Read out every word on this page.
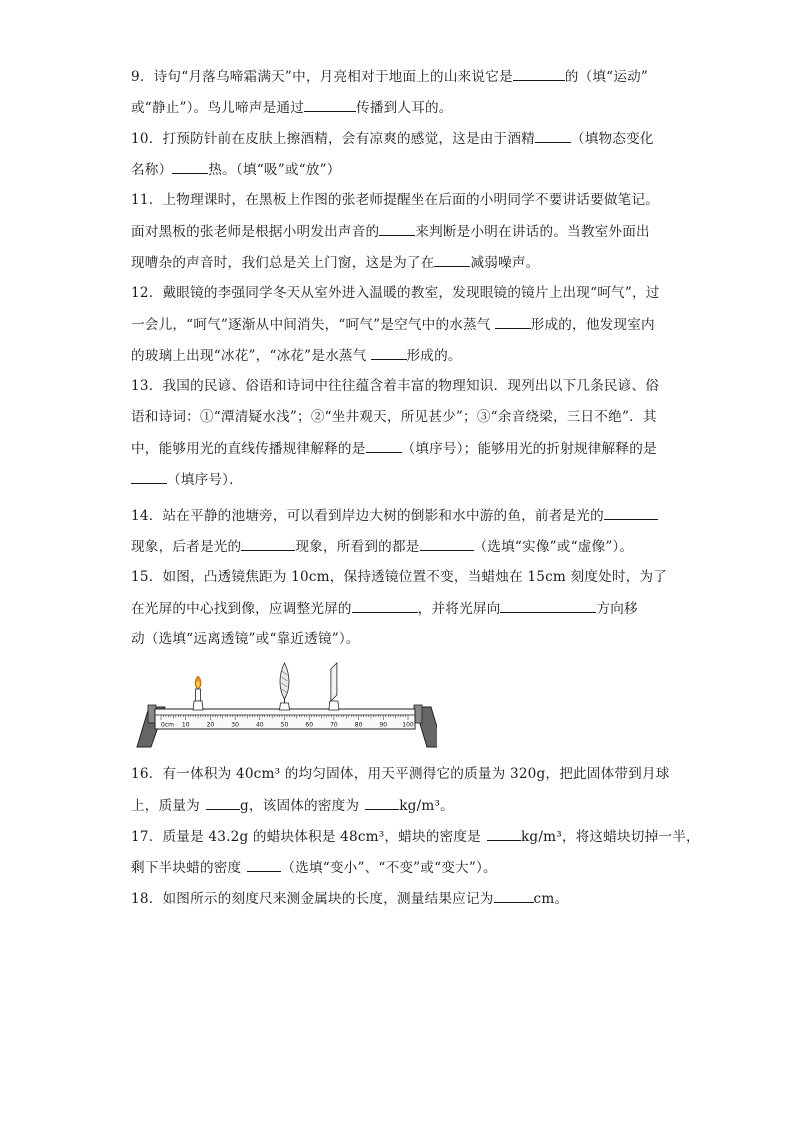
9．诗句“月落乌啼霜满天”中，月亮相对于地面上的山来说它是	的（填“运动”
或“静止”）。鸟儿啼声是通过	传播到人耳的。
10．打预防针前在皮肤上擦酒精，会有凉爽的感觉，这是由于酒精	（填物态变化
名称）	热。（填“吸”或“放”）
11．上物理课时，在黑板上作图的张老师提醒坐在后面的小明同学不要讲话要做笔记。
面对黑板的张老师是根据小明发出声音的	来判断是小明在讲话的。当教室外面出
现嘈杂的声音时，我们总是关上门窗，这是为了在	减弱噪声。
12．戴眼镜的李强同学冬天从室外进入温暖的教室，发现眼镜的镜片上出现“呵气”，过
一会儿，“呵气”逐渐从中间消失，“呵气”是空气中的水蒸气	形成的，他发现室内
的玻璃上出现“冰花”，“冰花”是水蒸气	形成的。
13．我国的民谚、俗语和诗词中往往蕴含着丰富的物理知识．现列出以下几条民谚、俗
语和诗词：①“潭清疑水浅”；②“坐井观天，所见甚少”；③“余音绕梁，三日不绝”．其
中，能够用光的直线传播规律解释的是	（填序号）；能够用光的折射规律解释的是
（填序号）．
14．站在平静的池塘旁，可以看到岸边大树的倒影和水中游的鱼，前者是光的
现象，后者是光的	现象，所看到的都是	（选填“实像”或“虚像”）。
15．如图，凸透镜焦距为 10cm，保持透镜位置不变，当蜡烛在 15cm 刻度处时，为了
在光屏的中心找到像，应调整光屏的	，并将光屏向	方向移
动（选填“远离透镜”或“靠近透镜”）。
10	20	30	40	50	60	70	80	90	100
0cm
16．有一体积为 40cm³ 的均匀固体，用天平测得它的质量为 320g，把此固体带到月球
上，质量为	g，该固体的密度为	kg/m³。
17．质量是 43.2g 的蜡块体积是 48cm³，蜡块的密度是	kg/m³，将这蜡块切掉一半，
剩下半块蜡的密度	（选填“变小”、“不变”或“变大”）。
18．如图所示的刻度尺来测金属块的长度，测量结果应记为	cm。
